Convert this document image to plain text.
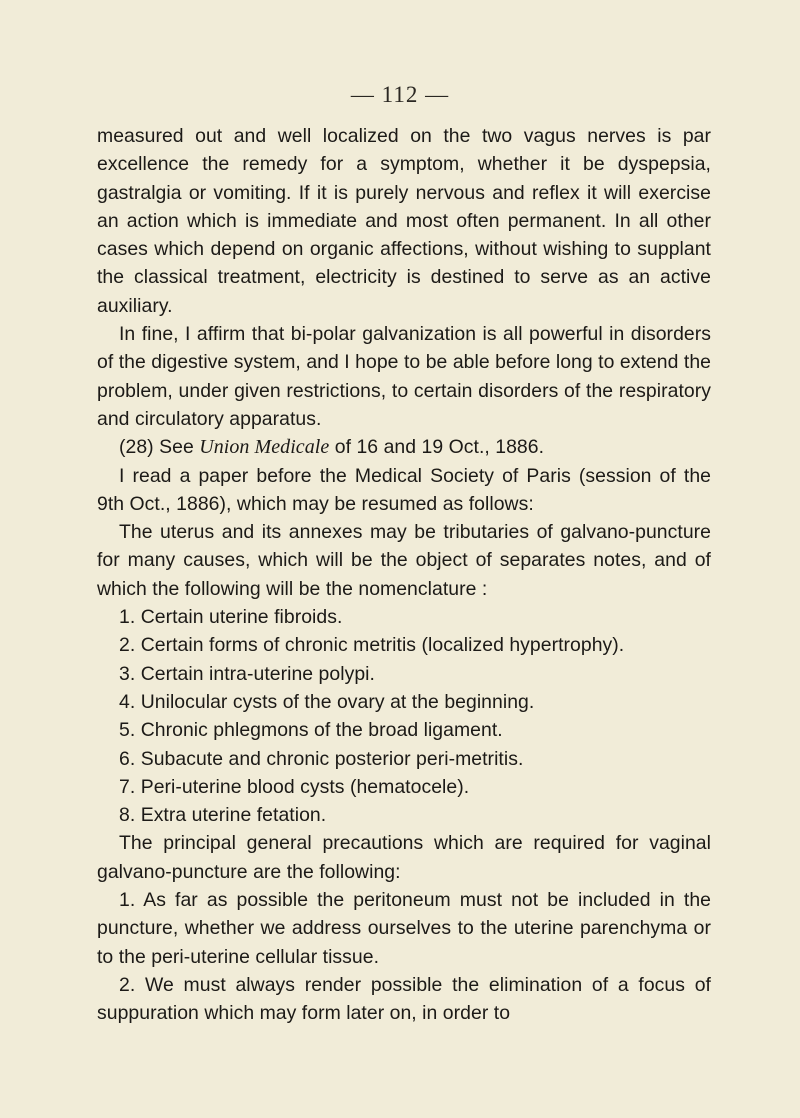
— 112 —

measured out and well localized on the two vagus nerves is par excellence the remedy for a symptom, whether it be dyspepsia, gastralgia or vomiting. If it is purely nervous and reflex it will exercise an action which is immediate and most often permanent. In all other cases which depend on organic affections, without wishing to supplant the classical treatment, electricity is destined to serve as an active auxiliary.

In fine, I affirm that bi-polar galvanization is all powerful in disorders of the digestive system, and I hope to be able before long to extend the problem, under given restrictions, to certain disorders of the respiratory and circulatory apparatus.

(28) See Union Medicale of 16 and 19 Oct., 1886.

I read a paper before the Medical Society of Paris (session of the 9th Oct., 1886), which may be resumed as follows:

The uterus and its annexes may be tributaries of galvano-puncture for many causes, which will be the object of separates notes, and of which the following will be the nomenclature :

1. Certain uterine fibroids.

2. Certain forms of chronic metritis (localized hypertrophy).

3. Certain intra-uterine polypi.

4. Unilocular cysts of the ovary at the beginning.

5. Chronic phlegmons of the broad ligament.

6. Subacute and chronic posterior peri-metritis.

7. Peri-uterine blood cysts (hematocele).

8. Extra uterine fetation.

The principal general precautions which are required for vaginal galvano-puncture are the following:

1. As far as possible the peritoneum must not be included in the puncture, whether we address ourselves to the uterine parenchyma or to the peri-uterine cellular tissue.

2. We must always render possible the elimination of a focus of suppuration which may form later on, in order to
